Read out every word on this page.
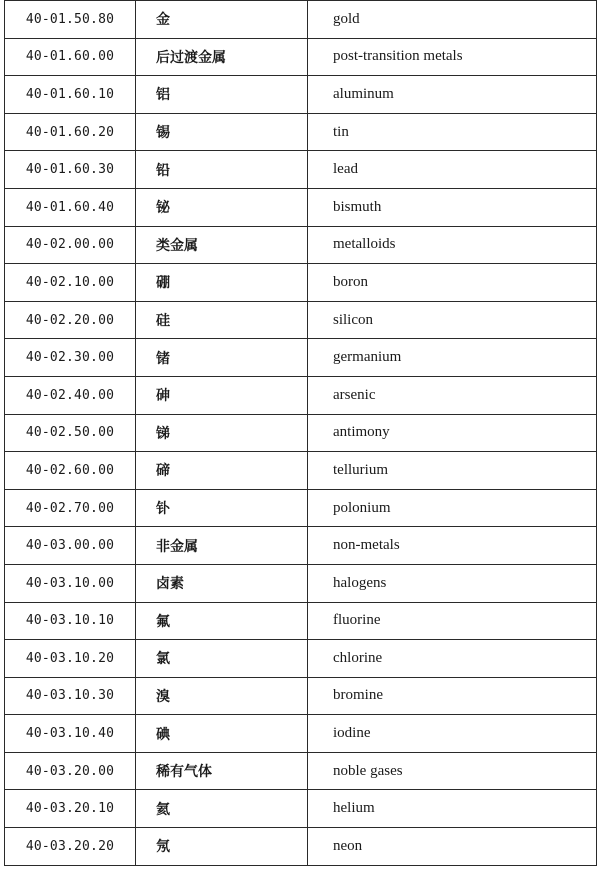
40-01.50.80	金	gold
40-01.60.00	后过渡金属	post-transition metals
40-01.60.10	铝	aluminum
40-01.60.20	锡	tin
40-01.60.30	铅	lead
40-01.60.40	铋	bismuth
40-02.00.00	类金属	metalloids
40-02.10.00	硼	boron
40-02.20.00	硅	silicon
40-02.30.00	锗	germanium
40-02.40.00	砷	arsenic
40-02.50.00	锑	antimony
40-02.60.00	碲	tellurium
40-02.70.00	钋	polonium
40-03.00.00	非金属	non-metals
40-03.10.00	卤素	halogens
40-03.10.10	氟	fluorine
40-03.10.20	氯	chlorine
40-03.10.30	溴	bromine
40-03.10.40	碘	iodine
40-03.20.00	稀有气体	noble gases
40-03.20.10	氦	helium
40-03.20.20	氖	neon
